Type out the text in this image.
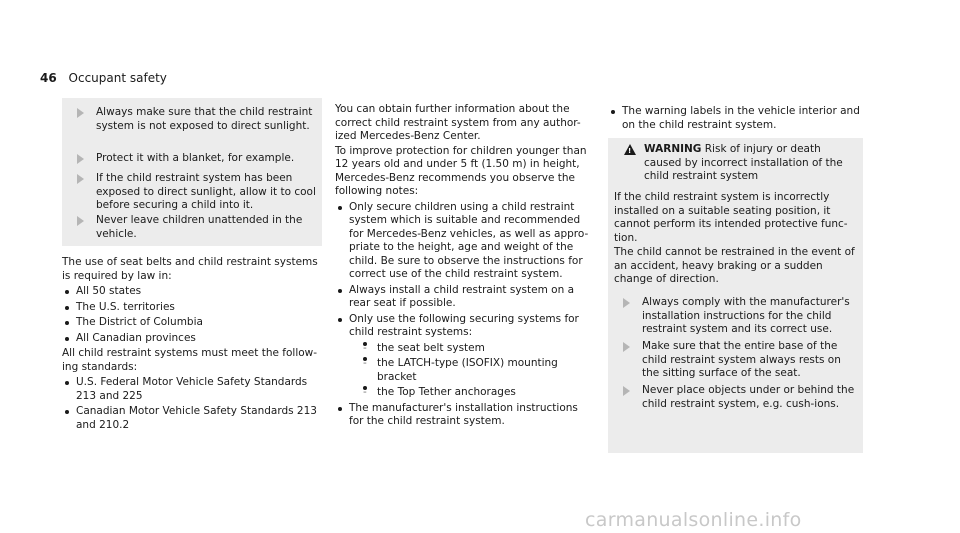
46 Occupant safety
Always make sure that the child restraint system is not exposed to direct sunlight.
Protect it with a blanket, for example.
If the child restraint system has been exposed to direct sunlight, allow it to cool before securing a child into it.
Never leave children unattended in the vehicle.

The use of seat belts and child restraint systems is required by law in:

All 50 states
The U.S. territories
The District of Columbia
All Canadian provinces

All child restraint systems must meet the follow-ing standards:

U.S. Federal Motor Vehicle Safety Standards 213 and 225
Canadian Motor Vehicle Safety Standards 213 and 210.2

You can obtain further information about the correct child restraint system from any author-ized Mercedes-Benz Center.

To improve protection for children younger than 12 years old and under 5 ft (1.50 m) in height, Mercedes-Benz recommends you observe the following notes:

Only secure children using a child restraint system which is suitable and recommended for Mercedes-Benz vehicles, as well as appro-priate to the height, age and weight of the child. Be sure to observe the instructions for correct use of the child restraint system.
Always install a child restraint system on a rear seat if possible.
Only use the following securing systems for child restraint systems:
- the seat belt system
- the LATCH-type (ISOFIX) mounting bracket
- the Top Tether anchorages
The manufacturer's installation instructions for the child restraint system.
The warning labels in the vehicle interior and on the child restraint system.
! WARNING Risk of injury or death caused by incorrect installation of the child restraint system

If the child restraint system is incorrectly installed on a suitable seating position, it cannot perform its intended protective func-tion.

The child cannot be restrained in the event of an accident, heavy braking or a sudden change of direction.

Always comply with the manufacturer's installation instructions for the child restraint system and its correct use.
Make sure that the entire base of the child restraint system always rests on the sitting surface of the seat.
Never place objects under or behind the child restraint system, e.g. cush-ions.
carmanualsonline.info
